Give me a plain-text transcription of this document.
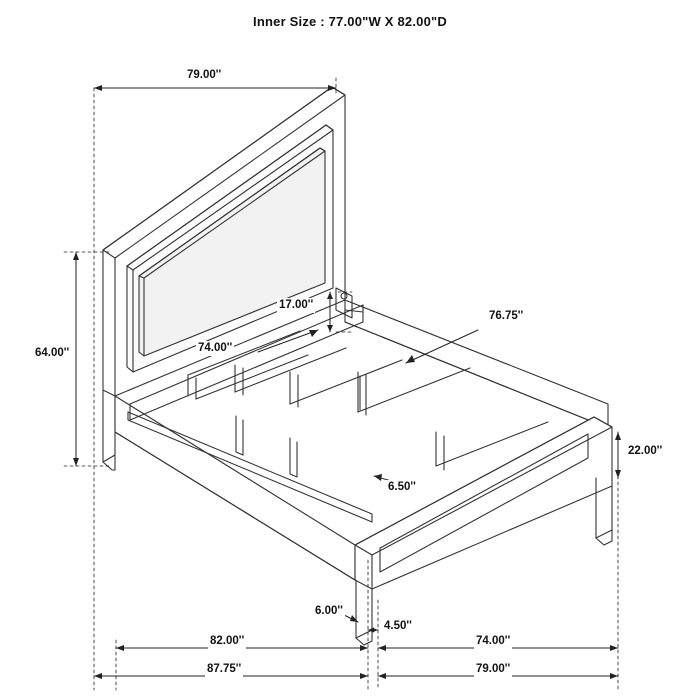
Inner Size : 77.00"W X 82.00"D
79.00''
64.00''
17.00''
74.00''
76.75''
22.00''
6.50''
6.00''
4.50''
82.00''	74.00''
87.75''	79.00''
